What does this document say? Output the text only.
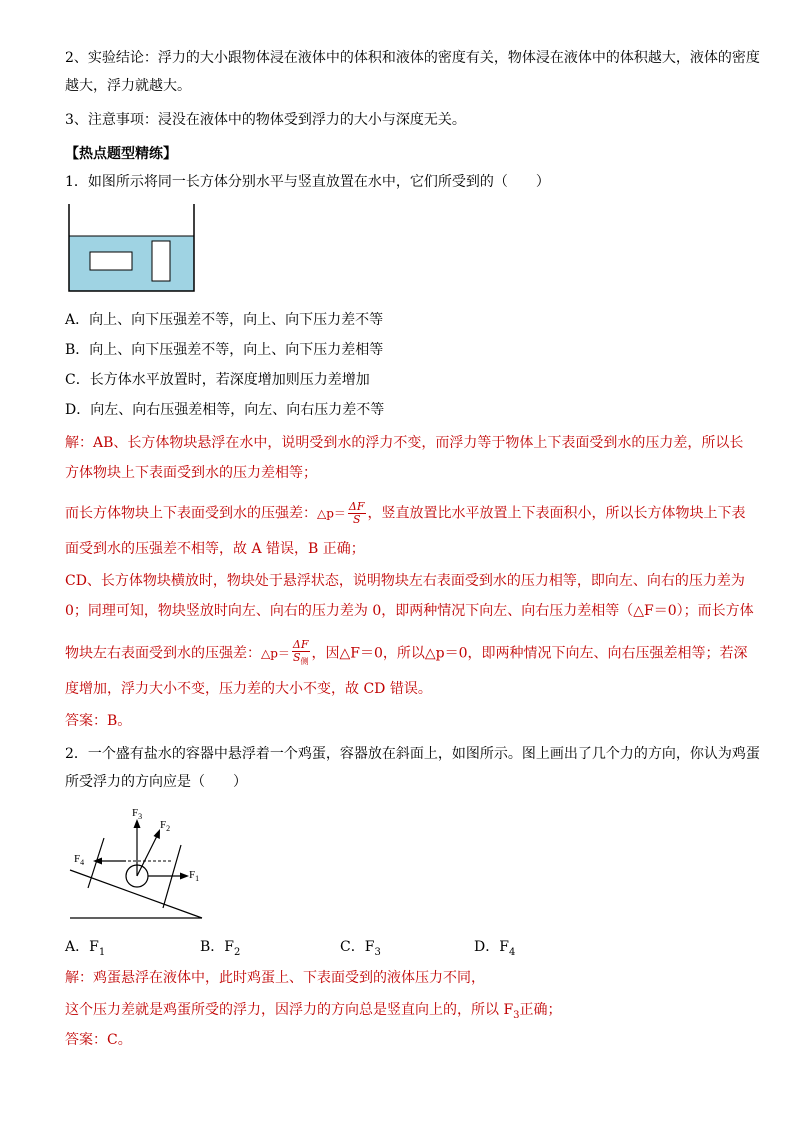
2、实验结论：浮力的大小跟物体浸在液体中的体积和液体的密度有关，物体浸在液体中的体积越大，液体的密度
越大，浮力就越大。
3、注意事项：浸没在液体中的物体受到浮力的大小与深度无关。
【热点题型精练】
1．如图所示将同一长方体分别水平与竖直放置在水中，它们所受到的（　　）
A．向上、向下压强差不等，向上、向下压力差不等
B．向上、向下压强差不等，向上、向下压力差相等
C．长方体水平放置时，若深度增加则压力差增加
D．向左、向右压强差相等，向左、向右压力差不等
解：AB、长方体物块悬浮在水中，说明受到水的浮力不变，而浮力等于物体上下表面受到水的压力差，所以长
方体物块上下表面受到水的压力差相等；
而长方体物块上下表面受到水的压强差：△p＝ $\frac{\Delta F}{S}$ ，竖直放置比水平放置上下表面积小，所以长方体物块上下表
面受到水的压强差不相等，故 A 错误，B 正确；
CD、长方体物块横放时，物块处于悬浮状态，说明物块左右表面受到水的压力相等，即向左、向右的压力差为
0；同理可知，物块竖放时向左、向右的压力差为 0，即两种情况下向左、向右压力差相等（△F＝0）；而长方体
物块左右表面受到水的压强差：△p＝ $\frac{\Delta F}{S_侧}$ ，因△F＝0，所以△p＝0，即两种情况下向左、向右压强差相等；若深
度增加，浮力大小不变，压力差的大小不变，故 CD 错误。
答案：B。
2．一个盛有盐水的容器中悬浮着一个鸡蛋，容器放在斜面上，如图所示。图上画出了几个力的方向，你认为鸡蛋
所受浮力的方向应是（　　）
$F_3$
$F_2$
$F_1$
$F_4$
A．$F_1$	B．$F_2$	C．$F_3$	D．$F_4$
解：鸡蛋悬浮在液体中，此时鸡蛋上、下表面受到的液体压力不同，
这个压力差就是鸡蛋所受的浮力，因浮力的方向总是竖直向上的，所以 $F_3$正确；
答案：C。
